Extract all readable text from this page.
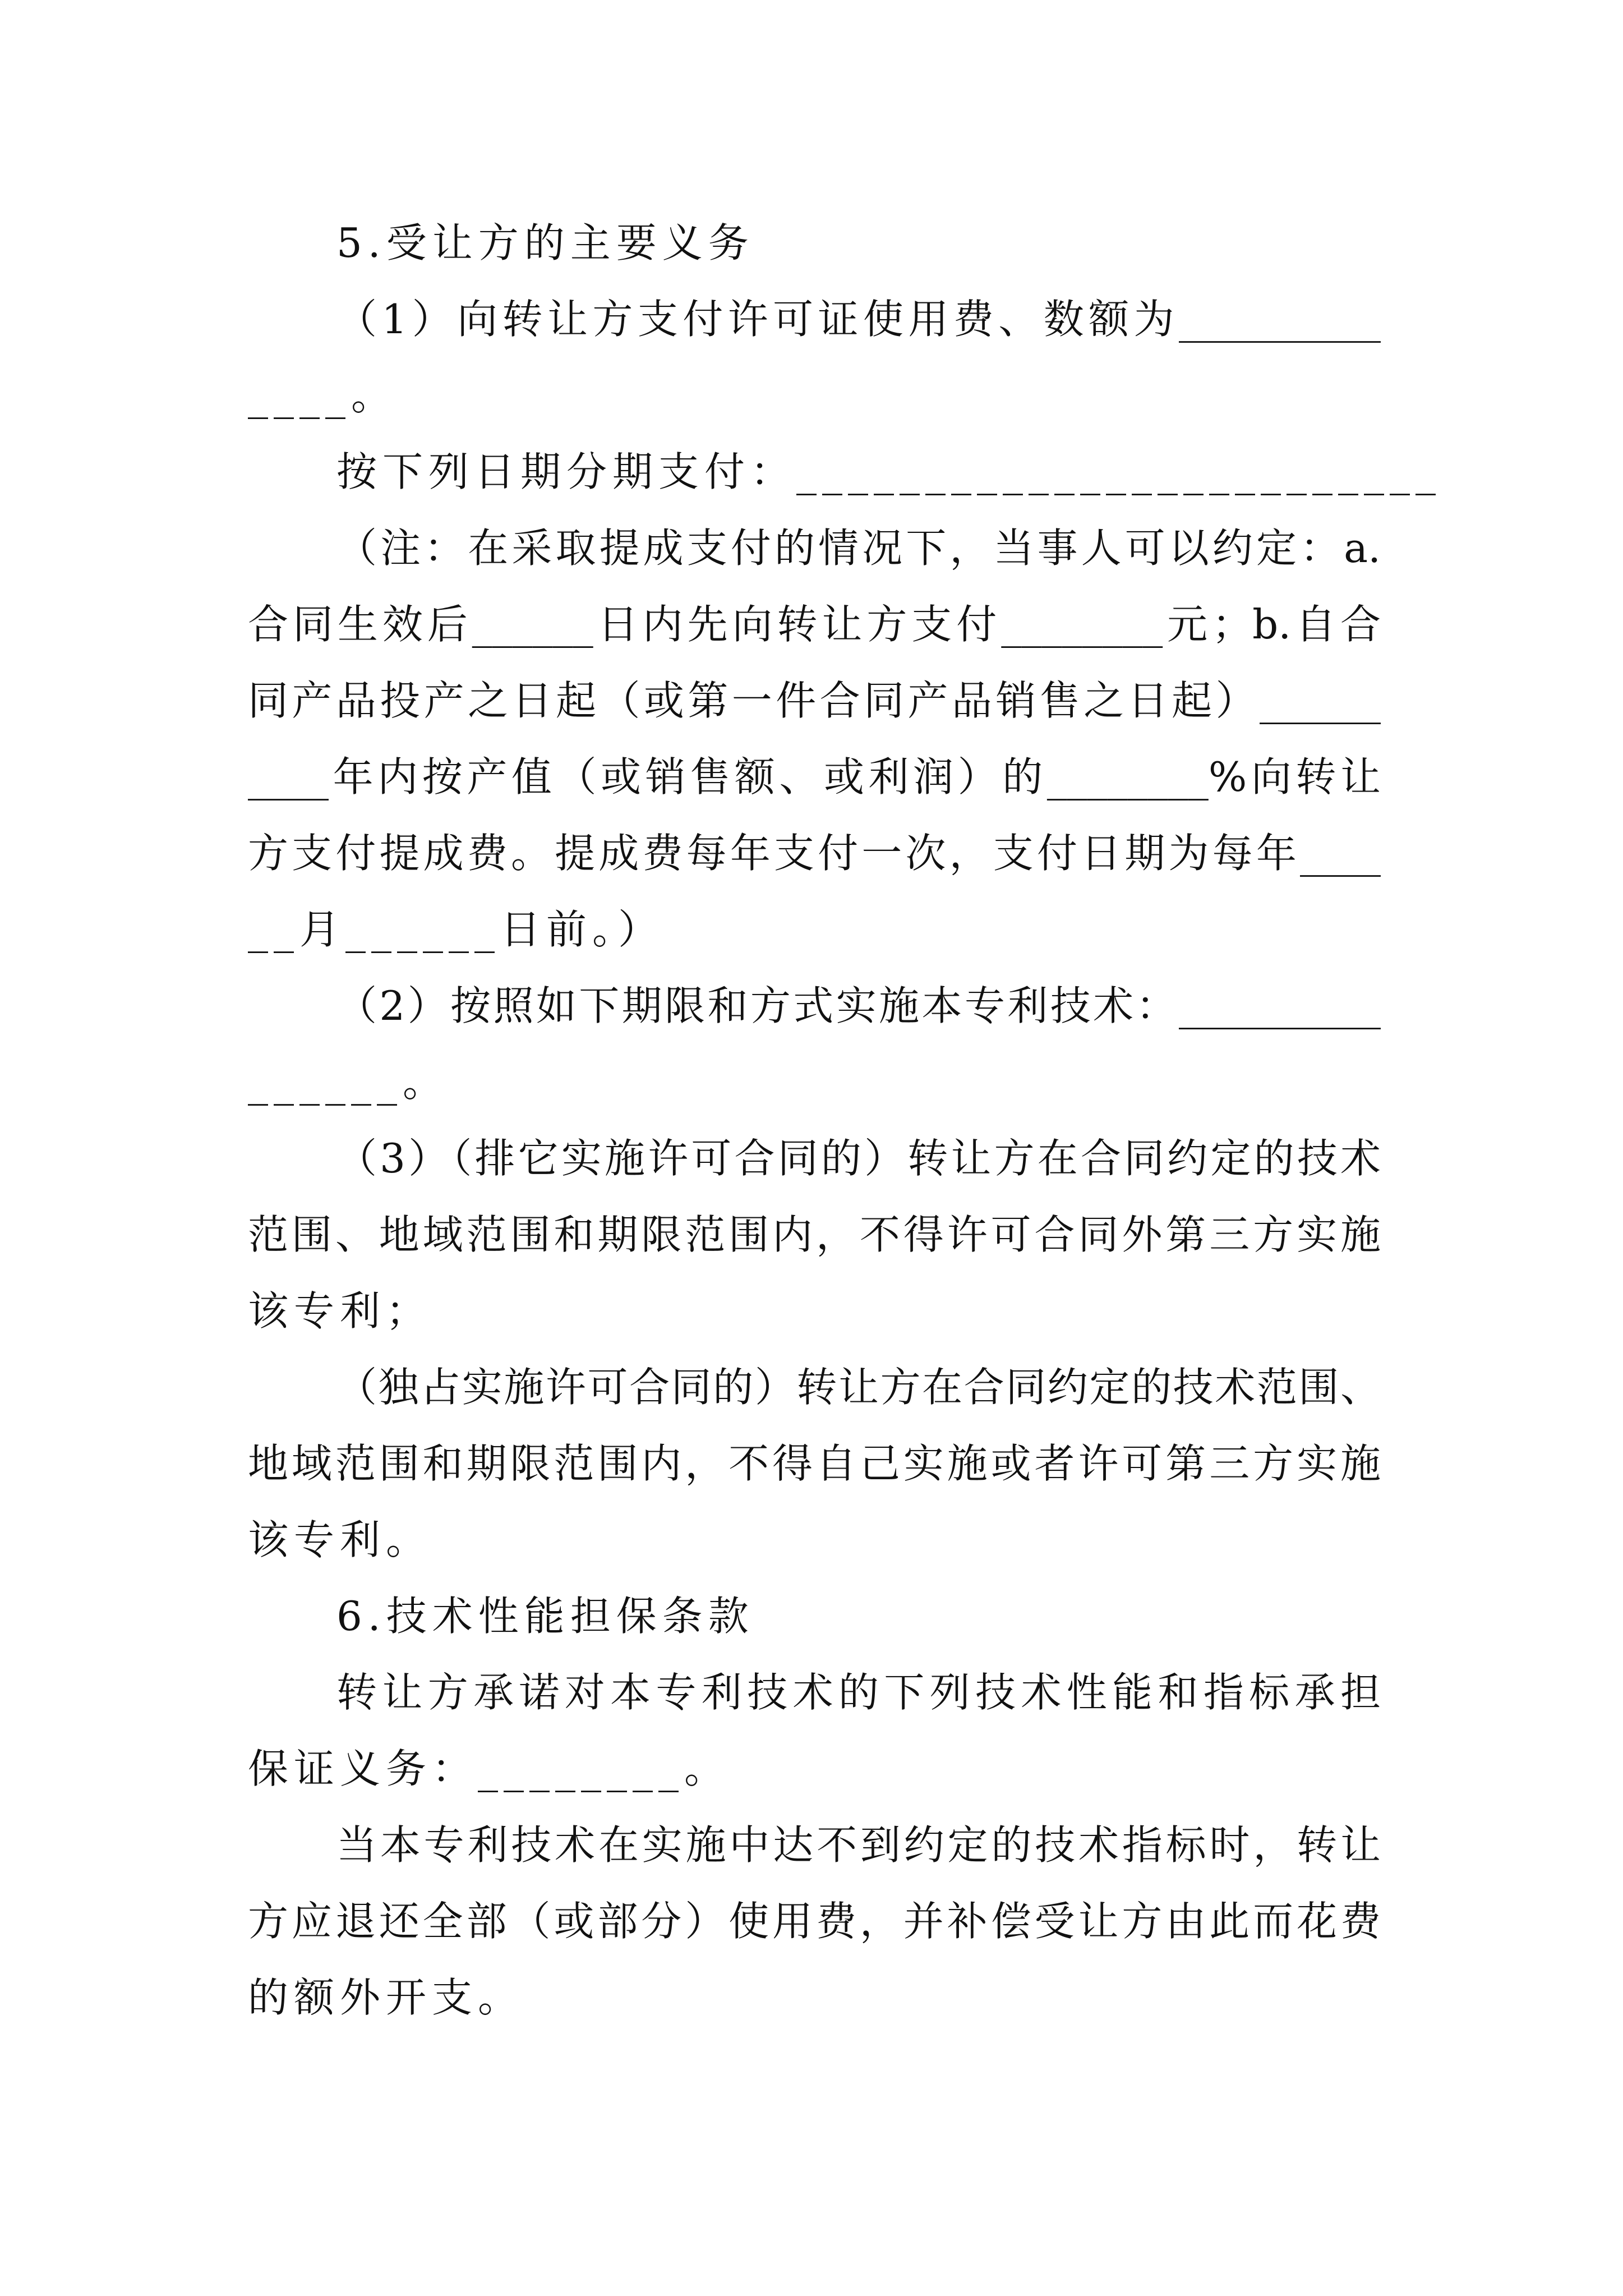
5.受让方的主要义务
（1）向转让方支付许可证使用费、数额为__________
____。
按下列日期分期支付：_________________________
（注：在采取提成支付的情况下，当事人可以约定：a.
合同生效后______日内先向转让方支付________元；b.自合
同产品投产之日起（或第一件合同产品销售之日起）______
____年内按产值（或销售额、或利润）的________%向转让
方支付提成费。提成费每年支付一次，支付日期为每年____
__月______日前。）
（2）按照如下期限和方式实施本专利技术：__________
______。
（3）（排它实施许可合同的）转让方在合同约定的技术
范围、地域范围和期限范围内，不得许可合同外第三方实施
该专利；
（独占实施许可合同的）转让方在合同约定的技术范围、
地域范围和期限范围内，不得自己实施或者许可第三方实施
该专利。
6.技术性能担保条款
转让方承诺对本专利技术的下列技术性能和指标承担
保证义务：________。
当本专利技术在实施中达不到约定的技术指标时，转让
方应退还全部（或部分）使用费，并补偿受让方由此而花费
的额外开支。
